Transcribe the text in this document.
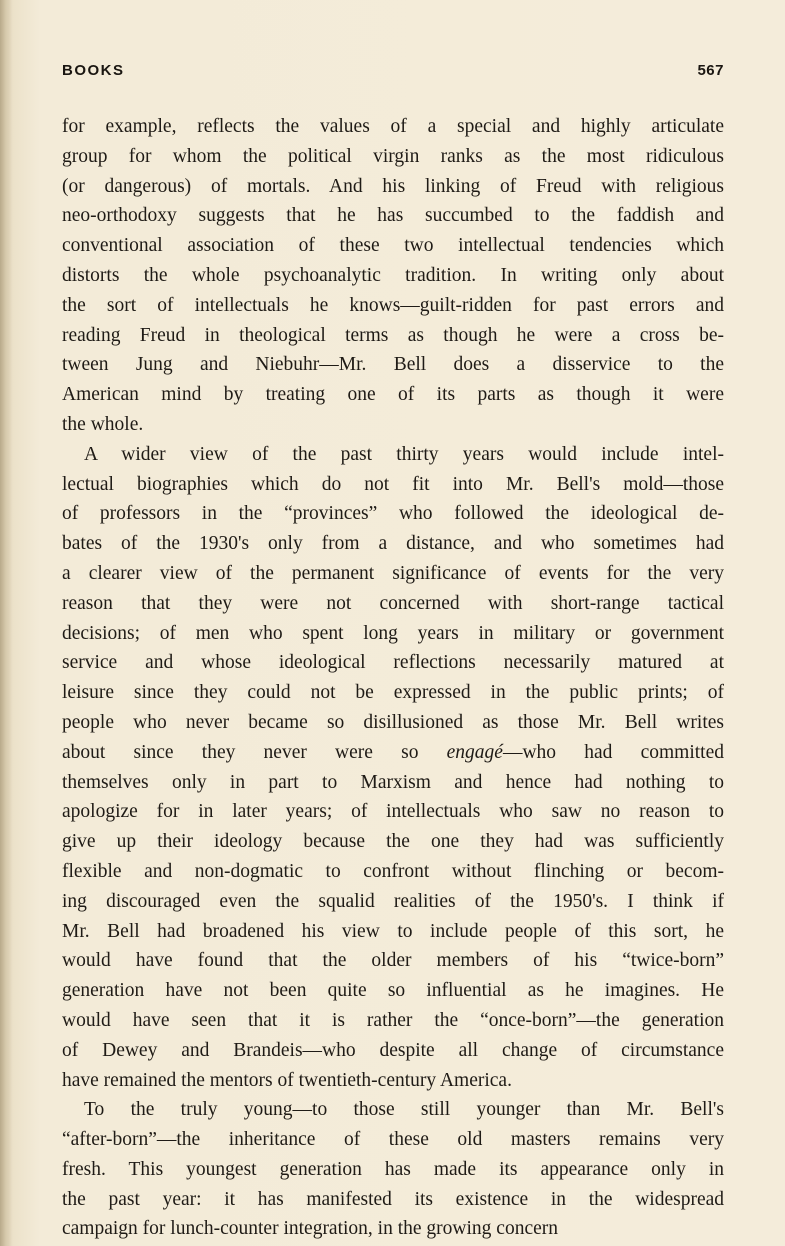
BOOKS	567

for example, reflects the values of a special and highly articulate
group for whom the political virgin ranks as the most ridiculous
(or dangerous) of mortals. And his linking of Freud with religious
neo-orthodoxy suggests that he has succumbed to the faddish and
conventional association of these two intellectual tendencies which
distorts the whole psychoanalytic tradition. In writing only about
the sort of intellectuals he knows—guilt-ridden for past errors and
reading Freud in theological terms as though he were a cross be-
tween Jung and Niebuhr—Mr. Bell does a disservice to the
American mind by treating one of its parts as though it were
the whole.

A wider view of the past thirty years would include intel-
lectual biographies which do not fit into Mr. Bell's mold—those
of professors in the “provinces” who followed the ideological de-
bates of the 1930's only from a distance, and who sometimes had
a clearer view of the permanent significance of events for the very
reason that they were not concerned with short-range tactical
decisions; of men who spent long years in military or government
service and whose ideological reflections necessarily matured at
leisure since they could not be expressed in the public prints; of
people who never became so disillusioned as those Mr. Bell writes
about since they never were so engagé—who had committed
themselves only in part to Marxism and hence had nothing to
apologize for in later years; of intellectuals who saw no reason to
give up their ideology because the one they had was sufficiently
flexible and non-dogmatic to confront without flinching or becom-
ing discouraged even the squalid realities of the 1950's. I think if
Mr. Bell had broadened his view to include people of this sort, he
would have found that the older members of his “twice-born”
generation have not been quite so influential as he imagines. He
would have seen that it is rather the “once-born”—the generation
of Dewey and Brandeis—who despite all change of circumstance
have remained the mentors of twentieth-century America.

To the truly young—to those still younger than Mr. Bell's
“after-born”—the inheritance of these old masters remains very
fresh. This youngest generation has made its appearance only in
the past year: it has manifested its existence in the widespread
campaign for lunch-counter integration, in the growing concern
